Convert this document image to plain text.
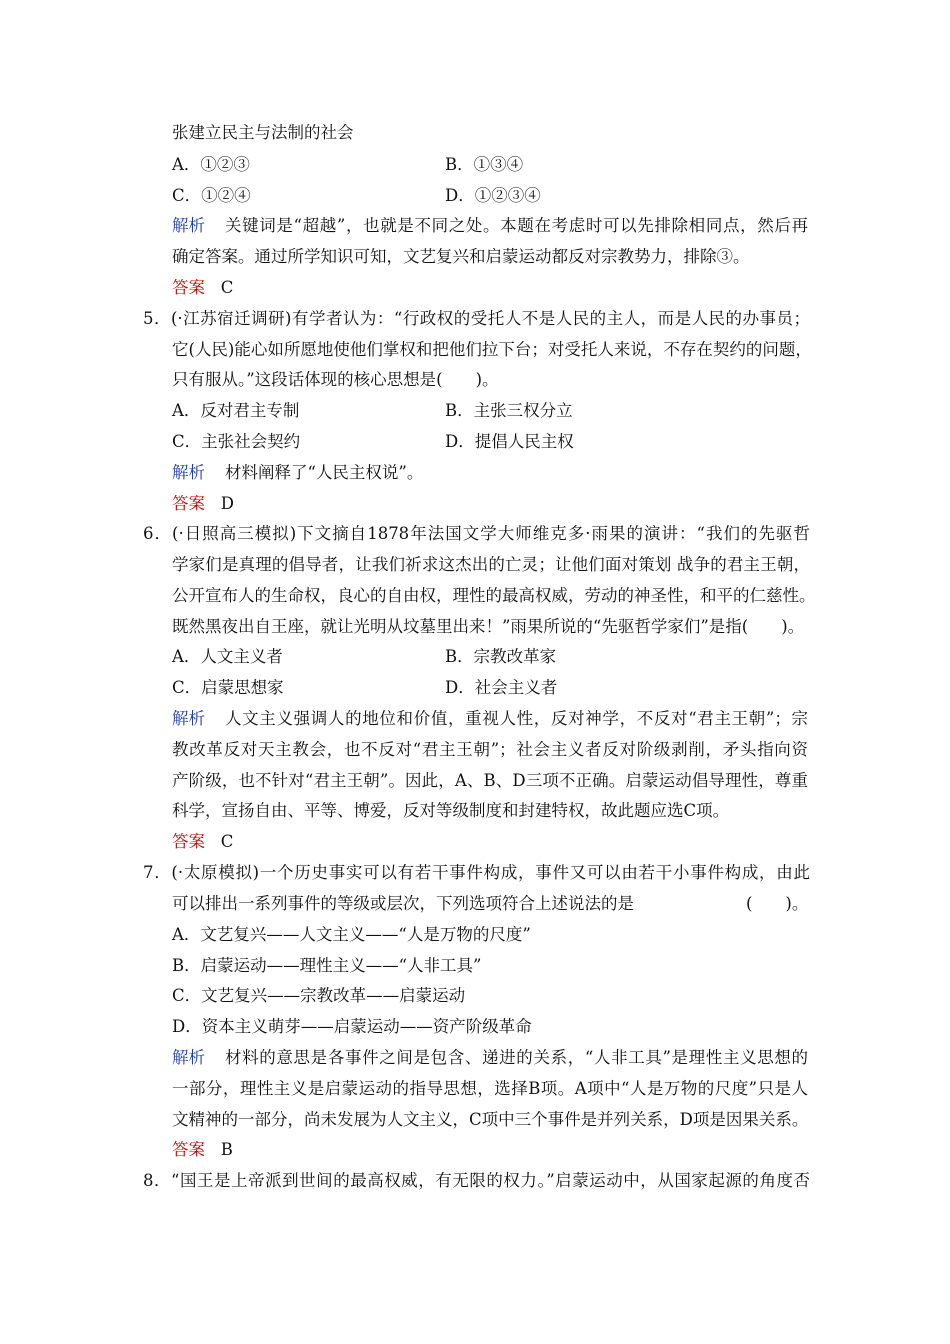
张建立民主与法制的社会
A．①②③	B．①③④
C．①②④	D．①②③④
解析 关键词是“超越”，也就是不同之处。本题在考虑时可以先排除相同点，然后再
确定答案。通过所学知识可知，文艺复兴和启蒙运动都反对宗教势力，排除③。
答案 C
5．(·江苏宿迁调研)有学者认为：“行政权的受托人不是人民的主人，而是人民的办事员；
它(人民)能心如所愿地使他们掌权和把他们拉下台；对受托人来说，不存在契约的问题，
只有服从。”这段话体现的核心思想是(　　)。
A．反对君主专制	B．主张三权分立
C．主张社会契约	D．提倡人民主权
解析 材料阐释了“人民主权说”。
答案 D
6．(·日照高三模拟)下文摘自1878年法国文学大师维克多·雨果的演讲：“我们的先驱哲
学家们是真理的倡导者，让我们祈求这杰出的亡灵；让他们面对策划 战争的君主王朝，
公开宣布人的生命权，良心的自由权，理性的最高权威，劳动的神圣性，和平的仁慈性。
既然黑夜出自王座，就让光明从坟墓里出来！”雨果所说的“先驱哲学家们”是指(　　)。
A．人文主义者	B．宗教改革家
C．启蒙思想家	D．社会主义者
解析 人文主义强调人的地位和价值，重视人性，反对神学，不反对“君主王朝”；宗
教改革反对天主教会，也不反对“君主王朝”；社会主义者反对阶级剥削，矛头指向资
产阶级，也不针对“君主王朝”。因此，A、B、D三项不正确。启蒙运动倡导理性，尊重
科学，宣扬自由、平等、博爱，反对等级制度和封建特权，故此题应选C项。
答案 C
7．(·太原模拟)一个历史事实可以有若干事件构成，事件又可以由若干小事件构成，由此
可以排出一系列事件的等级或层次，下列选项符合上述说法的是	(　　)。
A．文艺复兴——人文主义——“人是万物的尺度”
B．启蒙运动——理性主义——“人非工具”
C．文艺复兴——宗教改革——启蒙运动
D．资本主义萌芽——启蒙运动——资产阶级革命
解析 材料的意思是各事件之间是包含、递进的关系，“人非工具”是理性主义思想的
一部分，理性主义是启蒙运动的指导思想，选择B项。A项中“人是万物的尺度”只是人
文精神的一部分，尚未发展为人文主义，C项中三个事件是并列关系，D项是因果关系。
答案 B
8．“国王是上帝派到世间的最高权威，有无限的权力。”启蒙运动中，从国家起源的角度否
